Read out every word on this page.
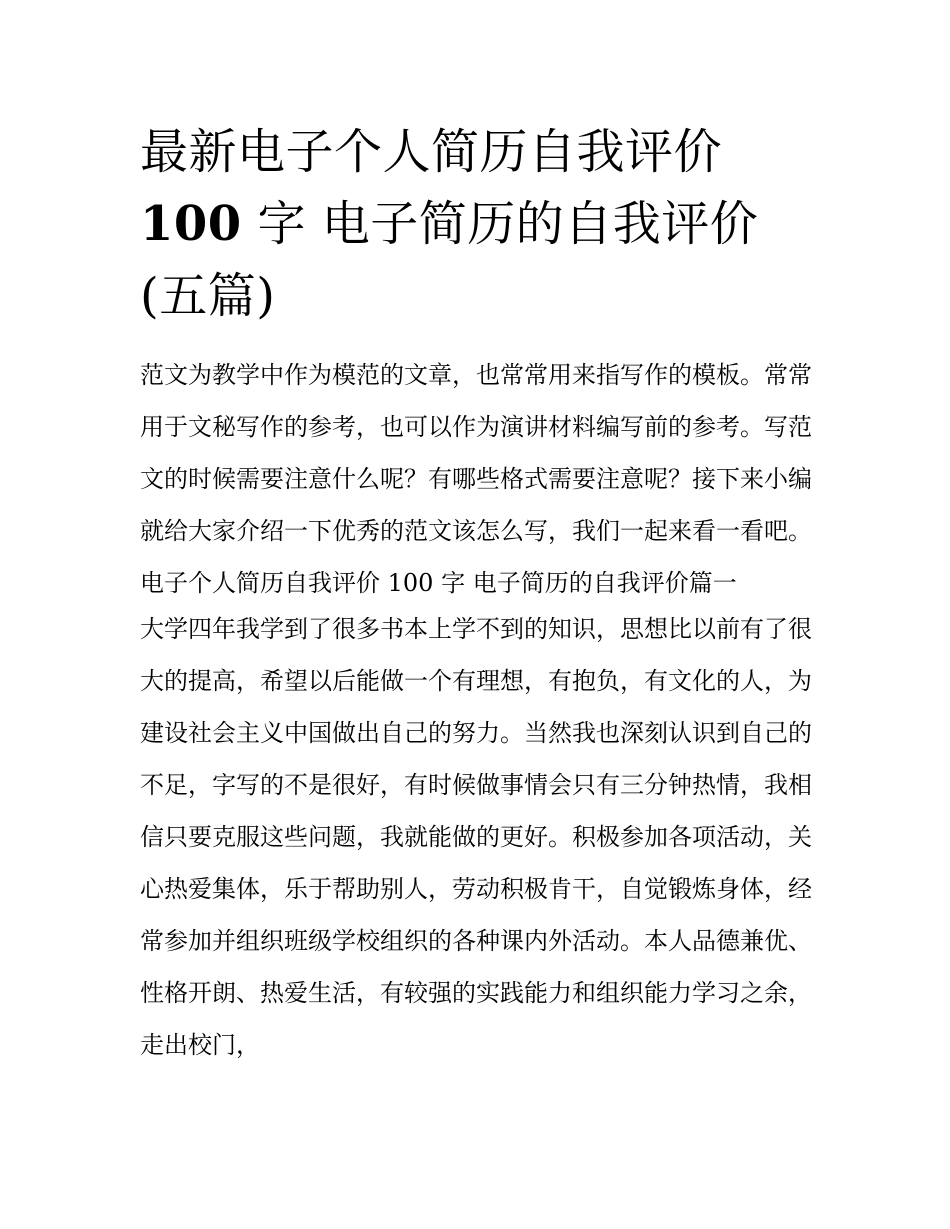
最新电子个人简历自我评价
100 字 电子简历的自我评价(五篇)

范文为教学中作为模范的文章，也常常用来指写作的模板。常常用于文秘写作的参考，也可以作为演讲材料编写前的参考。写范文的时候需要注意什么呢？有哪些格式需要注意呢？接下来小编就给大家介绍一下优秀的范文该怎么写，我们一起来看一看吧。

电子个人简历自我评价 100 字 电子简历的自我评价篇一

大学四年我学到了很多书本上学不到的知识，思想比以前有了很大的提高，希望以后能做一个有理想，有抱负，有文化的人，为建设社会主义中国做出自己的努力。当然我也深刻认识到自己的不足，字写的不是很好，有时候做事情会只有三分钟热情，我相信只要克服这些问题，我就能做的更好。积极参加各项活动，关心热爱集体，乐于帮助别人，劳动积极肯干，自觉锻炼身体，经常参加并组织班级学校组织的各种课内外活动。本人品德兼优、性格开朗、热爱生活，有较强的实践能力和组织能力学习之余，走出校门，
